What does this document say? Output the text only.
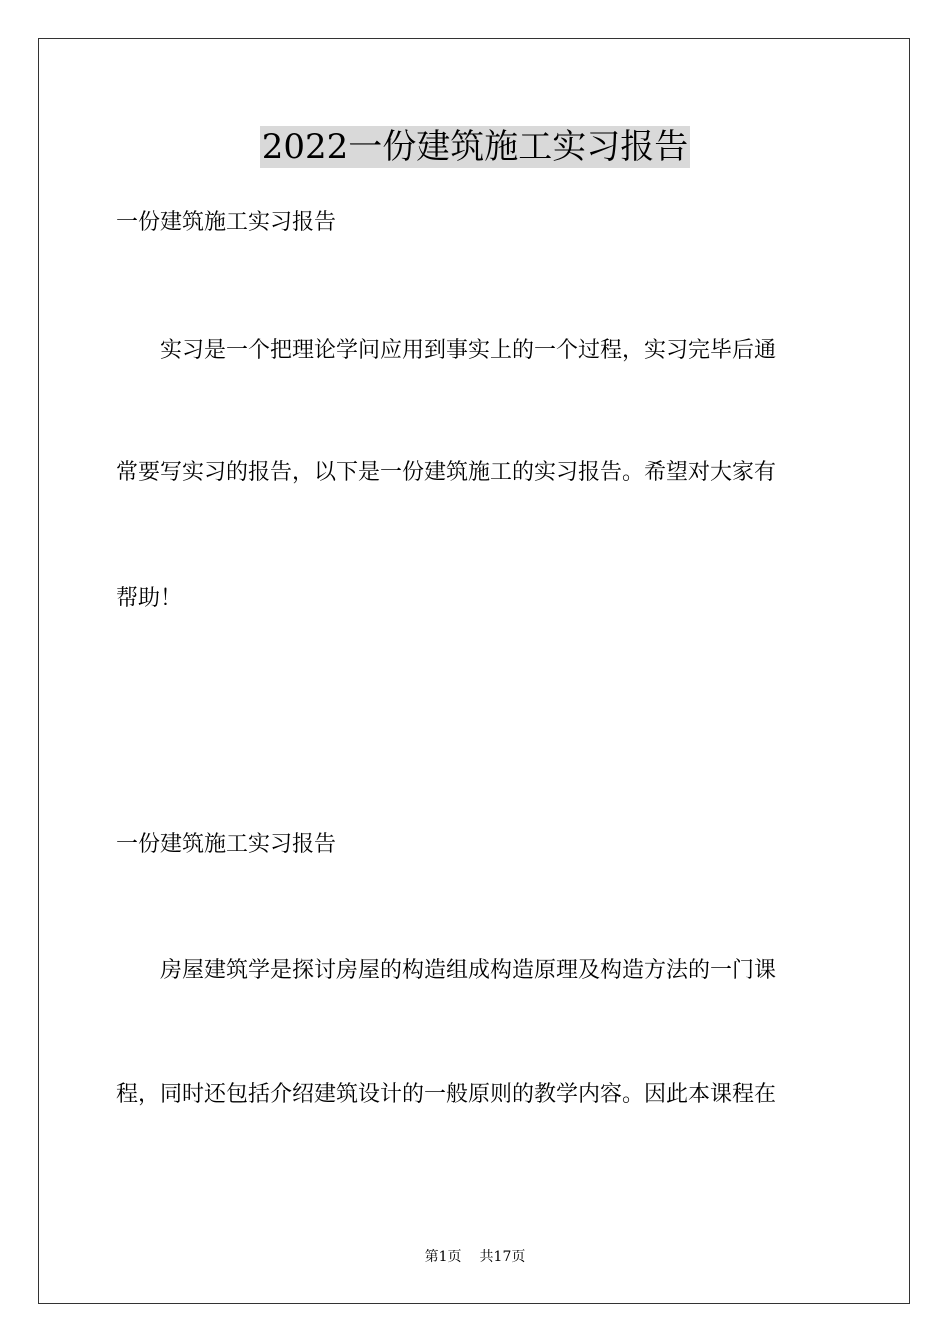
2022一份建筑施工实习报告
一份建筑施工实习报告
　　实习是一个把理论学问应用到事实上的一个过程，实习完毕后通
常要写实习的报告，以下是一份建筑施工的实习报告。希望对大家有
帮助！
一份建筑施工实习报告
　　房屋建筑学是探讨房屋的构造组成构造原理及构造方法的一门课
程，同时还包括介绍建筑设计的一般原则的教学内容。因此本课程在
第1页 共17页
